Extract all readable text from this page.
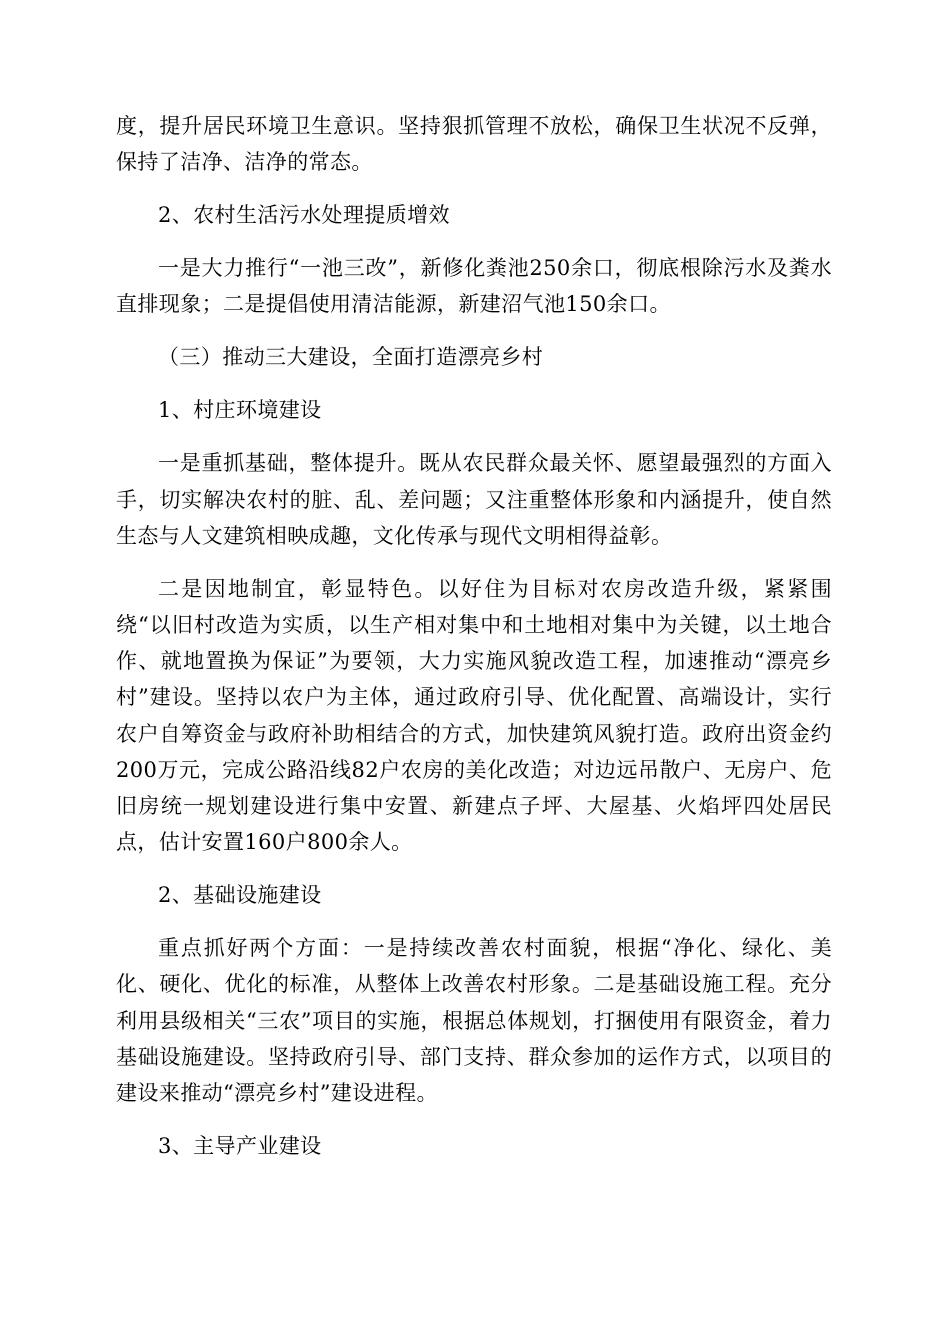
度，提升居民环境卫生意识。坚持狠抓管理不放松，确保卫生状况不反弹，保持了洁净、洁净的常态。

2、农村生活污水处理提质增效

一是大力推行“一池三改”，新修化粪池250余口，彻底根除污水及粪水直排现象；二是提倡使用清洁能源，新建沼气池150余口。

（三）推动三大建设，全面打造漂亮乡村

1、村庄环境建设

一是重抓基础，整体提升。既从农民群众最关怀、愿望最强烈的方面入手，切实解决农村的脏、乱、差问题；又注重整体形象和内涵提升，使自然生态与人文建筑相映成趣，文化传承与现代文明相得益彰。

二是因地制宜，彰显特色。以好住为目标对农房改造升级，紧紧围绕“以旧村改造为实质，以生产相对集中和土地相对集中为关键，以土地合作、就地置换为保证”为要领，大力实施风貌改造工程，加速推动“漂亮乡村”建设。坚持以农户为主体，通过政府引导、优化配置、高端设计，实行农户自筹资金与政府补助相结合的方式，加快建筑风貌打造。政府出资金约200万元，完成公路沿线82户农房的美化改造；对边远吊散户、无房户、危旧房统一规划建设进行集中安置、新建点子坪、大屋基、火焰坪四处居民点，估计安置160户800余人。

2、基础设施建设

重点抓好两个方面：一是持续改善农村面貌，根据“净化、绿化、美化、硬化、优化的标准，从整体上改善农村形象。二是基础设施工程。充分利用县级相关“三农”项目的实施，根据总体规划，打捆使用有限资金，着力基础设施建设。坚持政府引导、部门支持、群众参加的运作方式，以项目的建设来推动“漂亮乡村”建设进程。

3、主导产业建设
